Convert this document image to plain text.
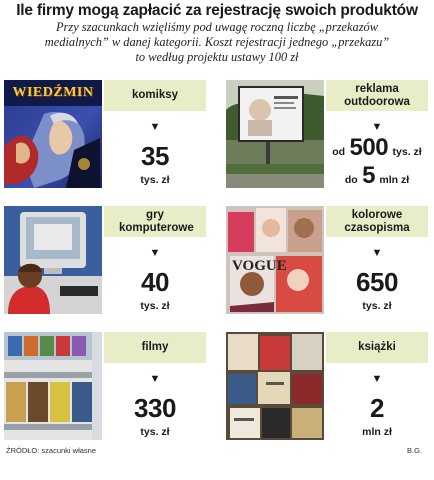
Ile firmy mogą zapłacić za rejestrację swoich produktów
Przy szacunkach wzięliśmy pod uwagę roczną liczbę „przekazów
medialnych” w danej kategorii. Koszt rejestracji jednego „przekazu”
to według projektu ustawy 100 zł
WIEDŹMIN	komiksy
▼
35
tys. zł
reklama outdoorowa
▼
od 500 tys. zł
do 5 mln zł
gry komputerowe
▼
40
tys. zł
VOGUE
kolorowe czasopisma
▼
650
tys. zł
filmy
▼
330
tys. zł
książki
▼
2
mln zł
ŹRÓDŁO: szacunki własne	B.G.
